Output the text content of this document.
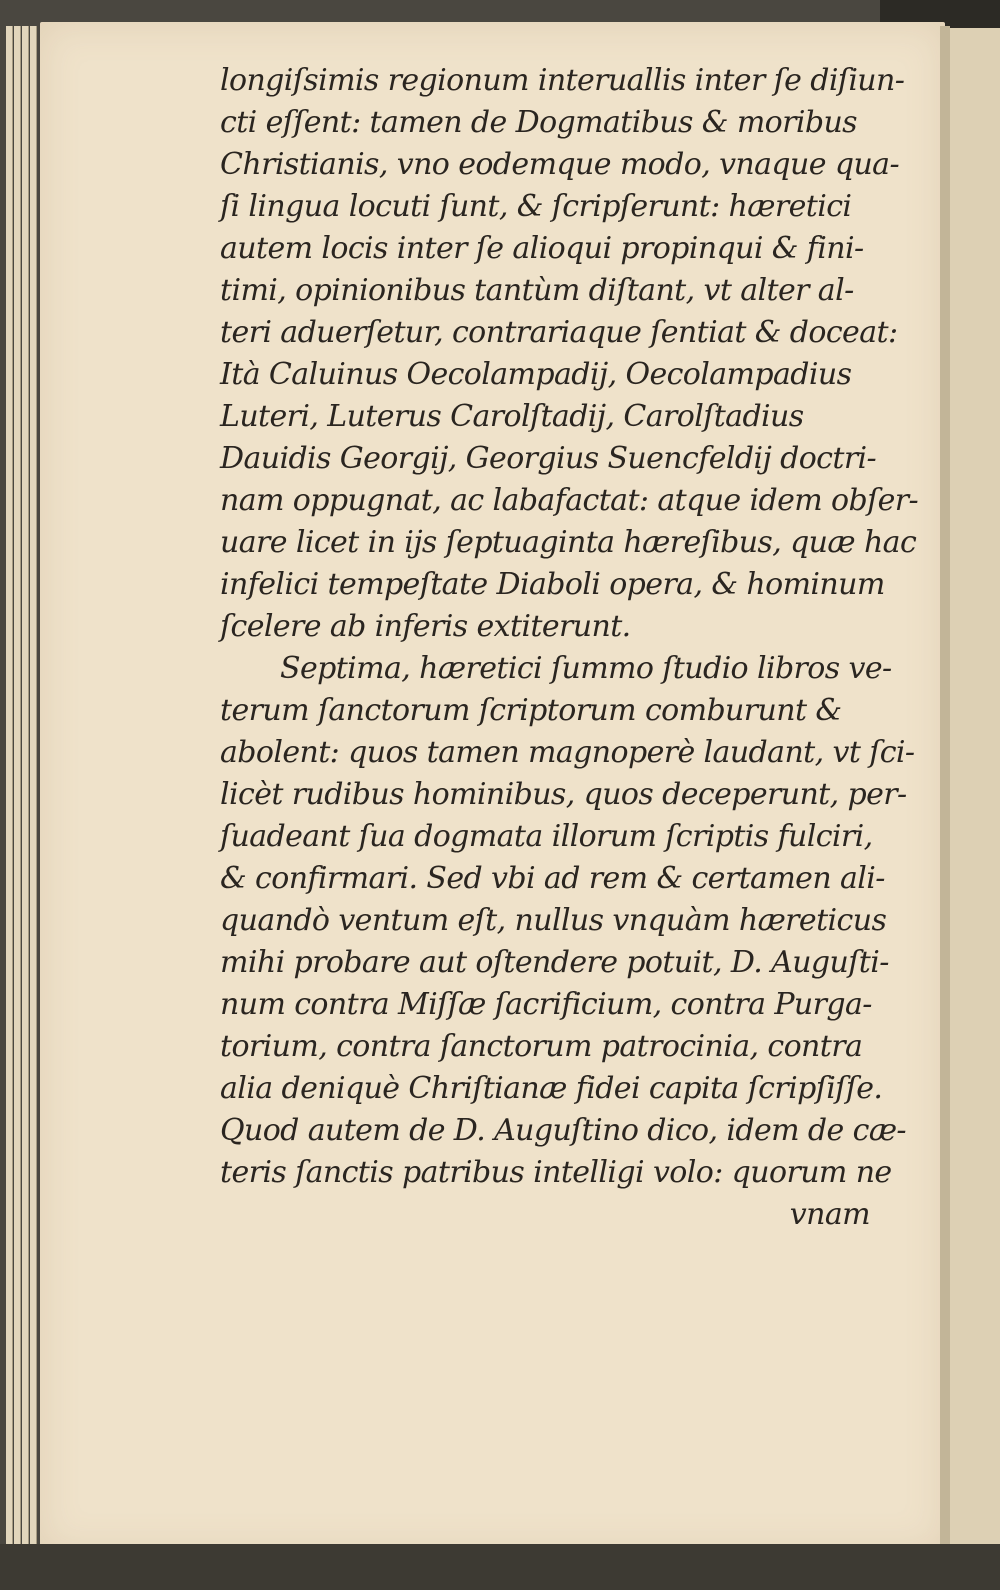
longiſsimis regionum interuallis inter ſe diſiun-
cti eſſent: tamen de Dogmatibus & moribus
Christianis, vno eodemque modo, vnaque qua-
ſi lingua locuti ſunt, & ſcripſerunt: hæretici
autem locis inter ſe alioqui propinqui & fini-
timi, opinionibus tantùm diſtant, vt alter al-
teri aduerſetur, contrariaque ſentiat & doceat:
Ità Caluinus Oecolampadij, Oecolampadius
Luteri, Luterus Carolſtadij, Carolſtadius
Dauidis Georgij, Georgius Suencfeldij doctri-
nam oppugnat, ac labafactat: atque idem obſer-
uare licet in ijs ſeptuaginta hæreſibus, quæ hac
infelici tempeſtate Diaboli opera, & hominum
ſcelere ab inferis extiterunt.
Septima, hæretici ſummo ſtudio libros ve-
terum ſanctorum ſcriptorum comburunt &
abolent: quos tamen magnoperè laudant, vt ſci-
licèt rudibus hominibus, quos deceperunt, per-
ſuadeant ſua dogmata illorum ſcriptis fulciri,
& confirmari. Sed vbi ad rem & certamen ali-
quandò ventum eſt, nullus vnquàm hæreticus
mihi probare aut oſtendere potuit, D. Auguſti-
num contra Miſſæ ſacrificium, contra Purga-
torium, contra ſanctorum patrocinia, contra
alia deniquè Chriſtianæ fidei capita ſcripſiſſe.
Quod autem de D. Auguſtino dico, idem de cæ-
teris ſanctis patribus intelligi volo: quorum ne
vnam
